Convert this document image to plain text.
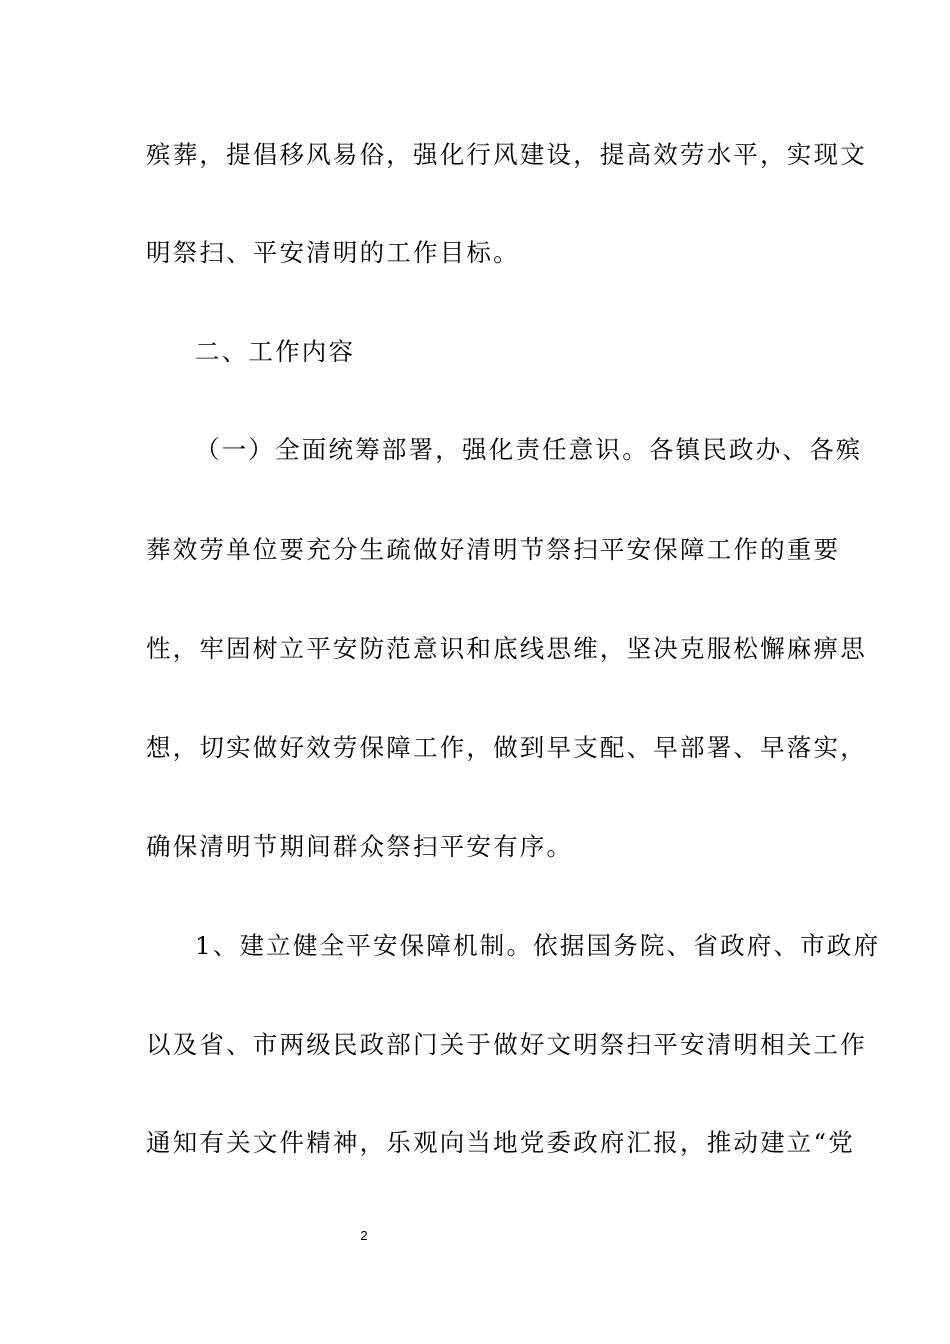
殡葬，提倡移风易俗，强化行风建设，提高效劳水平，实现文
明祭扫、平安清明的工作目标。
二、工作内容
（一）全面统筹部署，强化责任意识。各镇民政办、各殡
葬效劳单位要充分生疏做好清明节祭扫平安保障工作的重要
性，牢固树立平安防范意识和底线思维，坚决克服松懈麻痹思
想，切实做好效劳保障工作，做到早支配、早部署、早落实，
确保清明节期间群众祭扫平安有序。
1、建立健全平安保障机制。依据国务院、省政府、市政府
以及省、市两级民政部门关于做好文明祭扫平安清明相关工作
通知有关文件精神，乐观向当地党委政府汇报，推动建立“党
2
